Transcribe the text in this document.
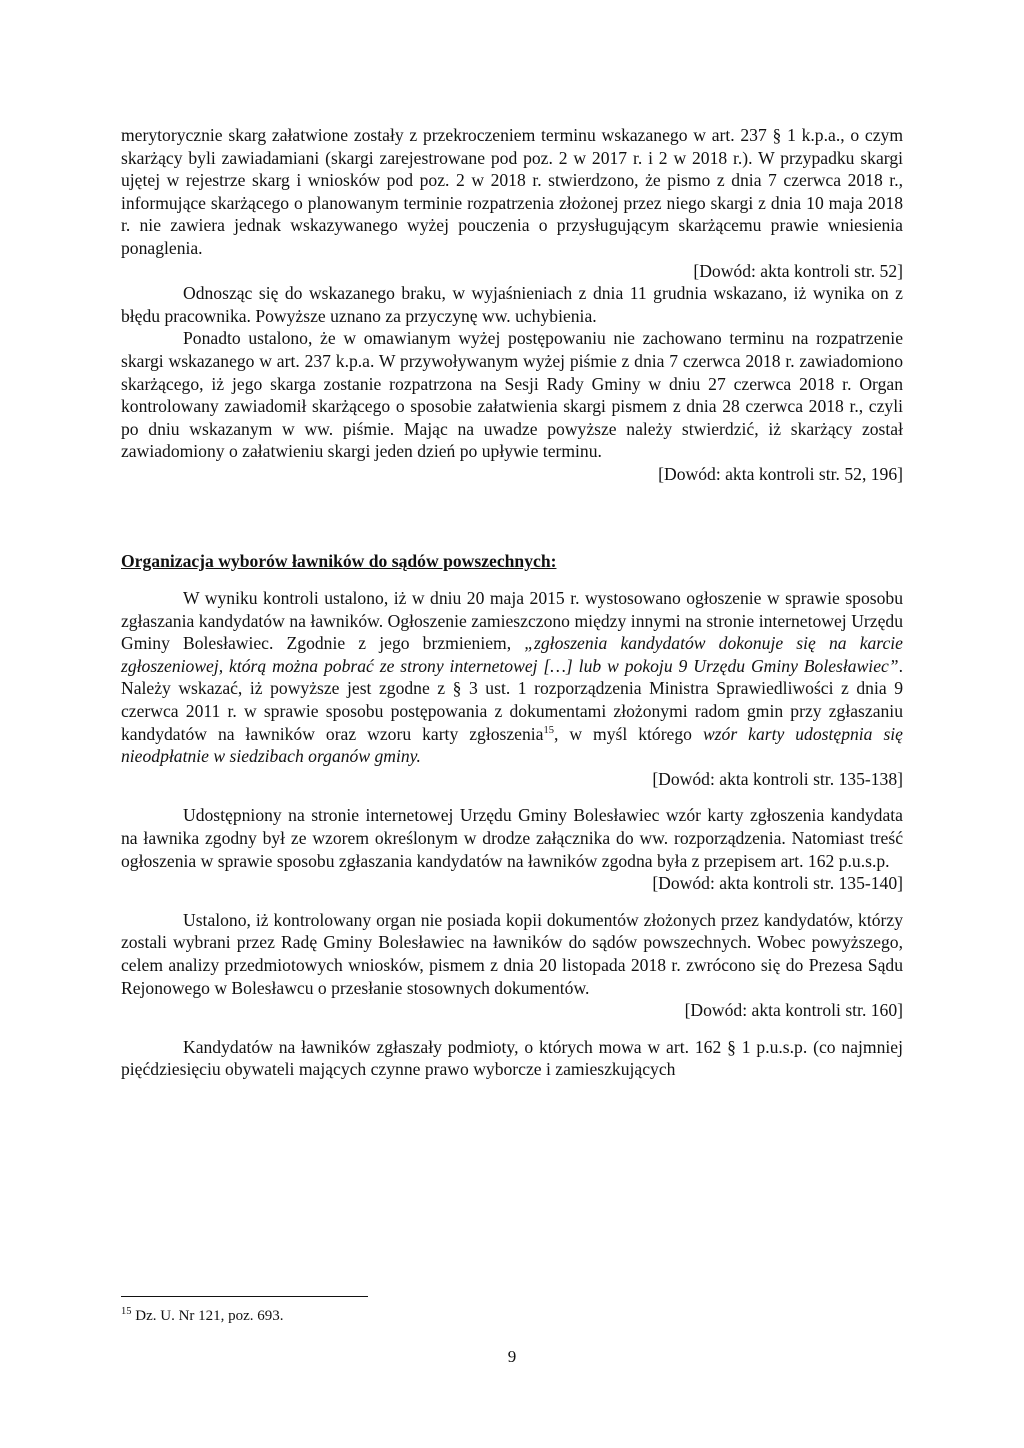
merytorycznie skarg załatwione zostały z przekroczeniem terminu wskazanego w art. 237 § 1 k.p.a., o czym skarżący byli zawiadamiani (skargi zarejestrowane pod poz. 2 w 2017 r. i 2 w 2018 r.). W przypadku skargi ujętej w rejestrze skarg i wniosków pod poz. 2 w 2018 r. stwierdzono, że pismo z dnia 7 czerwca 2018 r., informujące skarżącego o planowanym terminie rozpatrzenia złożonej przez niego skargi z dnia 10 maja 2018 r. nie zawiera jednak wskazywanego wyżej pouczenia o przysługującym skarżącemu prawie wniesienia ponaglenia.

[Dowód: akta kontroli str. 52]

Odnosząc się do wskazanego braku, w wyjaśnieniach z dnia 11 grudnia wskazano, iż wynika on z błędu pracownika. Powyższe uznano za przyczynę ww. uchybienia.

Ponadto ustalono, że w omawianym wyżej postępowaniu nie zachowano terminu na rozpatrzenie skargi wskazanego w art. 237 k.p.a. W przywoływanym wyżej piśmie z dnia 7 czerwca 2018 r. zawiadomiono skarżącego, iż jego skarga zostanie rozpatrzona na Sesji Rady Gminy w dniu 27 czerwca 2018 r. Organ kontrolowany zawiadomił skarżącego o sposobie załatwienia skargi pismem z dnia 28 czerwca 2018 r., czyli po dniu wskazanym w ww. piśmie. Mając na uwadze powyższe należy stwierdzić, iż skarżący został zawiadomiony o załatwieniu skargi jeden dzień po upływie terminu.

[Dowód: akta kontroli str. 52, 196]

Organizacja wyborów ławników do sądów powszechnych:

W wyniku kontroli ustalono, iż w dniu 20 maja 2015 r. wystosowano ogłoszenie w sprawie sposobu zgłaszania kandydatów na ławników. Ogłoszenie zamieszczono między innymi na stronie internetowej Urzędu Gminy Bolesławiec. Zgodnie z jego brzmieniem, „zgłoszenia kandydatów dokonuje się na karcie zgłoszeniowej, którą można pobrać ze strony internetowej […] lub w pokoju 9 Urzędu Gminy Bolesławiec”. Należy wskazać, iż powyższe jest zgodne z § 3 ust. 1 rozporządzenia Ministra Sprawiedliwości z dnia 9 czerwca 2011 r. w sprawie sposobu postępowania z dokumentami złożonymi radom gmin przy zgłaszaniu kandydatów na ławników oraz wzoru karty zgłoszenia$^{15}$, w myśl którego wzór karty udostępnia się nieodpłatnie w siedzibach organów gminy.

[Dowód: akta kontroli str. 135-138]

Udostępniony na stronie internetowej Urzędu Gminy Bolesławiec wzór karty zgłoszenia kandydata na ławnika zgodny był ze wzorem określonym w drodze załącznika do ww. rozporządzenia. Natomiast treść ogłoszenia w sprawie sposobu zgłaszania kandydatów na ławników zgodna była z przepisem art. 162 p.u.s.p.

[Dowód: akta kontroli str. 135-140]

Ustalono, iż kontrolowany organ nie posiada kopii dokumentów złożonych przez kandydatów, którzy zostali wybrani przez Radę Gminy Bolesławiec na ławników do sądów powszechnych. Wobec powyższego, celem analizy przedmiotowych wniosków, pismem z dnia 20 listopada 2018 r. zwrócono się do Prezesa Sądu Rejonowego w Bolesławcu o przesłanie stosownych dokumentów.

[Dowód: akta kontroli str. 160]

Kandydatów na ławników zgłaszały podmioty, o których mowa w art. 162 § 1 p.u.s.p. (co najmniej pięćdziesięciu obywateli mających czynne prawo wyborcze i zamieszkujących

$^{15}$ Dz. U. Nr 121, poz. 693.
9
